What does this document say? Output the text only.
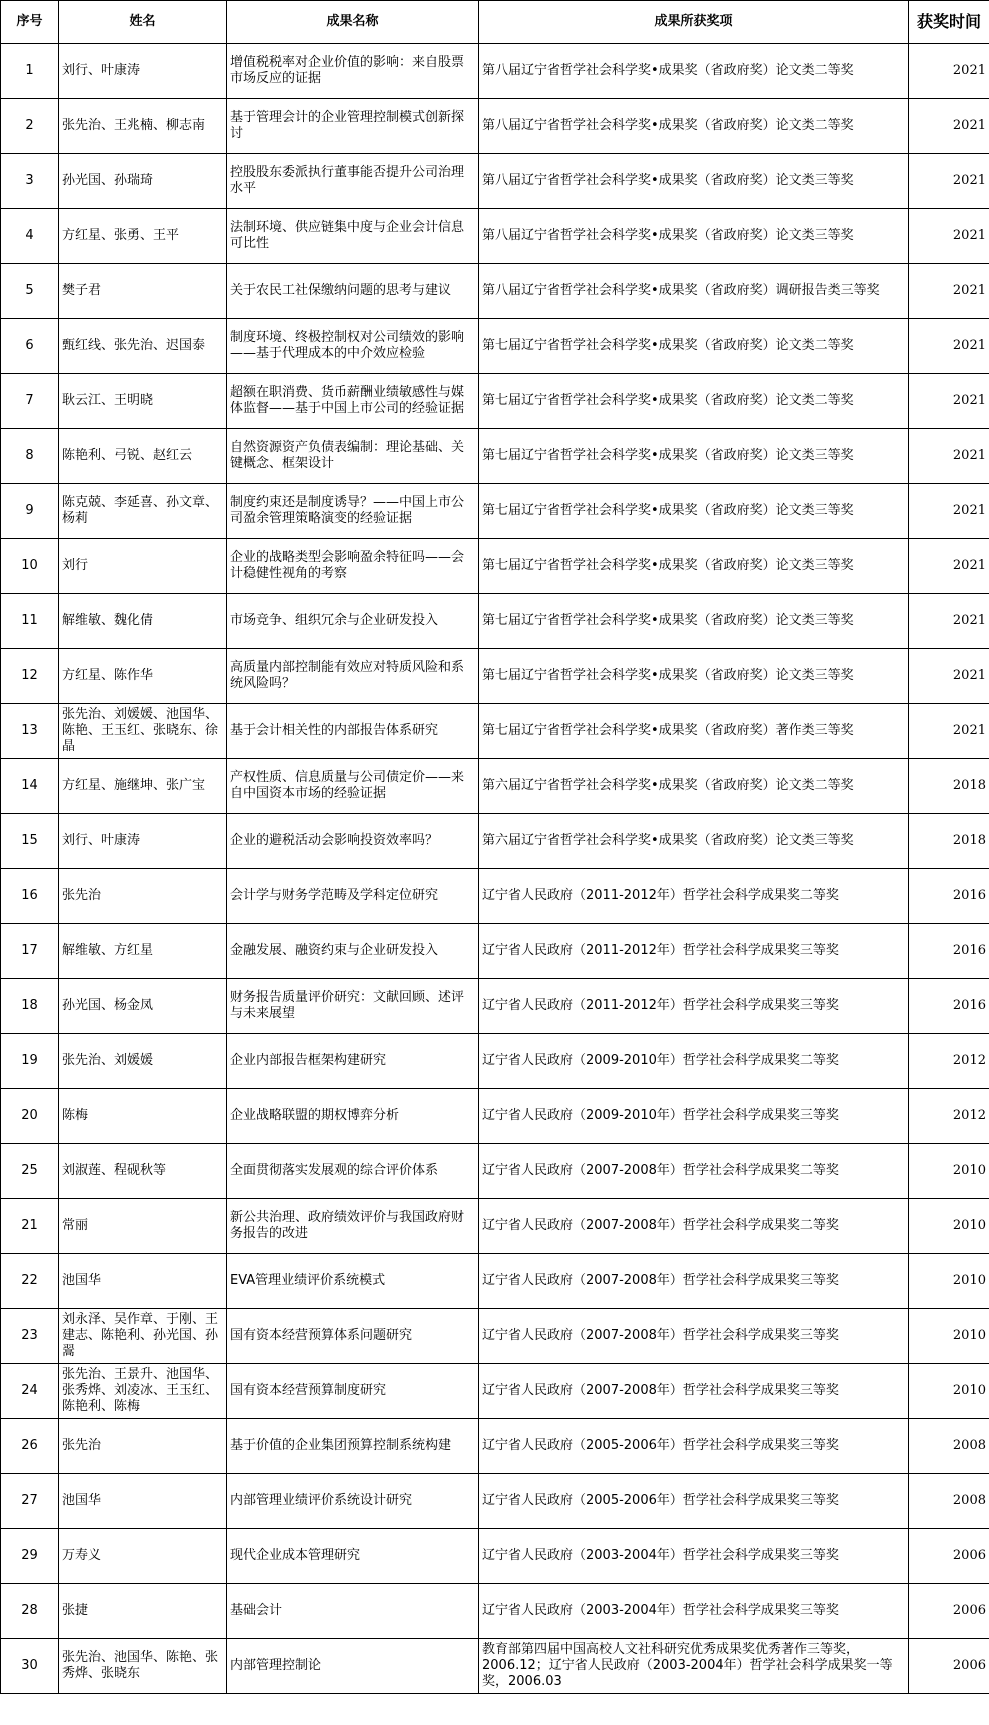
序号	姓名	成果名称	成果所获奖项	获奖时间
1	刘行、叶康涛	增值税税率对企业价值的影响：来自股票市场反应的证据	第八届辽宁省哲学社会科学奖•成果奖（省政府奖）论文类二等奖	2021
2	张先治、王兆楠、柳志南	基于管理会计的企业管理控制模式创新探讨	第八届辽宁省哲学社会科学奖•成果奖（省政府奖）论文类二等奖	2021
3	孙光国、孙瑞琦	控股股东委派执行董事能否提升公司治理水平	第八届辽宁省哲学社会科学奖•成果奖（省政府奖）论文类三等奖	2021
4	方红星、张勇、王平	法制环境、供应链集中度与企业会计信息可比性	第八届辽宁省哲学社会科学奖•成果奖（省政府奖）论文类三等奖	2021
5	樊子君	关于农民工社保缴纳问题的思考与建议	第八届辽宁省哲学社会科学奖•成果奖（省政府奖）调研报告类三等奖	2021
6	甄红线、张先治、迟国泰	制度环境、终极控制权对公司绩效的影响——基于代理成本的中介效应检验	第七届辽宁省哲学社会科学奖•成果奖（省政府奖）论文类二等奖	2021
7	耿云江、王明晓	超额在职消费、货币薪酬业绩敏感性与媒体监督——基于中国上市公司的经验证据	第七届辽宁省哲学社会科学奖•成果奖（省政府奖）论文类二等奖	2021
8	陈艳利、弓锐、赵红云	自然资源资产负债表编制：理论基础、关键概念、框架设计	第七届辽宁省哲学社会科学奖•成果奖（省政府奖）论文类三等奖	2021
9	陈克兢、李延喜、孙文章、杨莉	制度约束还是制度诱导？——中国上市公司盈余管理策略演变的经验证据	第七届辽宁省哲学社会科学奖•成果奖（省政府奖）论文类三等奖	2021
10	刘行	企业的战略类型会影响盈余特征吗——会计稳健性视角的考察	第七届辽宁省哲学社会科学奖•成果奖（省政府奖）论文类三等奖	2021
11	解维敏、魏化倩	市场竞争、组织冗余与企业研发投入	第七届辽宁省哲学社会科学奖•成果奖（省政府奖）论文类三等奖	2021
12	方红星、陈作华	高质量内部控制能有效应对特质风险和系统风险吗？	第七届辽宁省哲学社会科学奖•成果奖（省政府奖）论文类三等奖	2021
13	张先治、刘媛媛、池国华、陈艳、王玉红、张晓东、徐晶	基于会计相关性的内部报告体系研究	第七届辽宁省哲学社会科学奖•成果奖（省政府奖）著作类三等奖	2021
14	方红星、施继坤、张广宝	产权性质、信息质量与公司债定价——来自中国资本市场的经验证据	第六届辽宁省哲学社会科学奖•成果奖（省政府奖）论文类二等奖	2018
15	刘行、叶康涛	企业的避税活动会影响投资效率吗？	第六届辽宁省哲学社会科学奖•成果奖（省政府奖）论文类三等奖	2018
16	张先治	会计学与财务学范畴及学科定位研究	辽宁省人民政府（2011-2012年）哲学社会科学成果奖二等奖	2016
17	解维敏、方红星	金融发展、融资约束与企业研发投入	辽宁省人民政府（2011-2012年）哲学社会科学成果奖三等奖	2016
18	孙光国、杨金凤	财务报告质量评价研究：文献回顾、述评与未来展望	辽宁省人民政府（2011-2012年）哲学社会科学成果奖三等奖	2016
19	张先治、刘媛媛	企业内部报告框架构建研究	辽宁省人民政府（2009-2010年）哲学社会科学成果奖二等奖	2012
20	陈梅	企业战略联盟的期权博弈分析	辽宁省人民政府（2009-2010年）哲学社会科学成果奖三等奖	2012
25	刘淑莲、程砚秋等	全面贯彻落实发展观的综合评价体系	辽宁省人民政府（2007-2008年）哲学社会科学成果奖二等奖	2010
21	常丽	新公共治理、政府绩效评价与我国政府财务报告的改进	辽宁省人民政府（2007-2008年）哲学社会科学成果奖二等奖	2010
22	池国华	EVA管理业绩评价系统模式	辽宁省人民政府（2007-2008年）哲学社会科学成果奖三等奖	2010
23	刘永泽、吴作章、于刚、王建志、陈艳利、孙光国、孙翯	国有资本经营预算体系问题研究	辽宁省人民政府（2007-2008年）哲学社会科学成果奖三等奖	2010
24	张先治、王景升、池国华、张秀烨、刘凌冰、王玉红、陈艳利、陈梅	国有资本经营预算制度研究	辽宁省人民政府（2007-2008年）哲学社会科学成果奖三等奖	2010
26	张先治	基于价值的企业集团预算控制系统构建	辽宁省人民政府（2005-2006年）哲学社会科学成果奖三等奖	2008
27	池国华	内部管理业绩评价系统设计研究	辽宁省人民政府（2005-2006年）哲学社会科学成果奖三等奖	2008
29	万寿义	现代企业成本管理研究	辽宁省人民政府（2003-2004年）哲学社会科学成果奖三等奖	2006
28	张捷	基础会计	辽宁省人民政府（2003-2004年）哲学社会科学成果奖三等奖	2006
30	张先治、池国华、陈艳、张秀烨、张晓东	内部管理控制论	教育部第四届中国高校人文社科研究优秀成果奖优秀著作三等奖，2006.12；辽宁省人民政府（2003-2004年）哲学社会科学成果奖一等奖，2006.03	2006
